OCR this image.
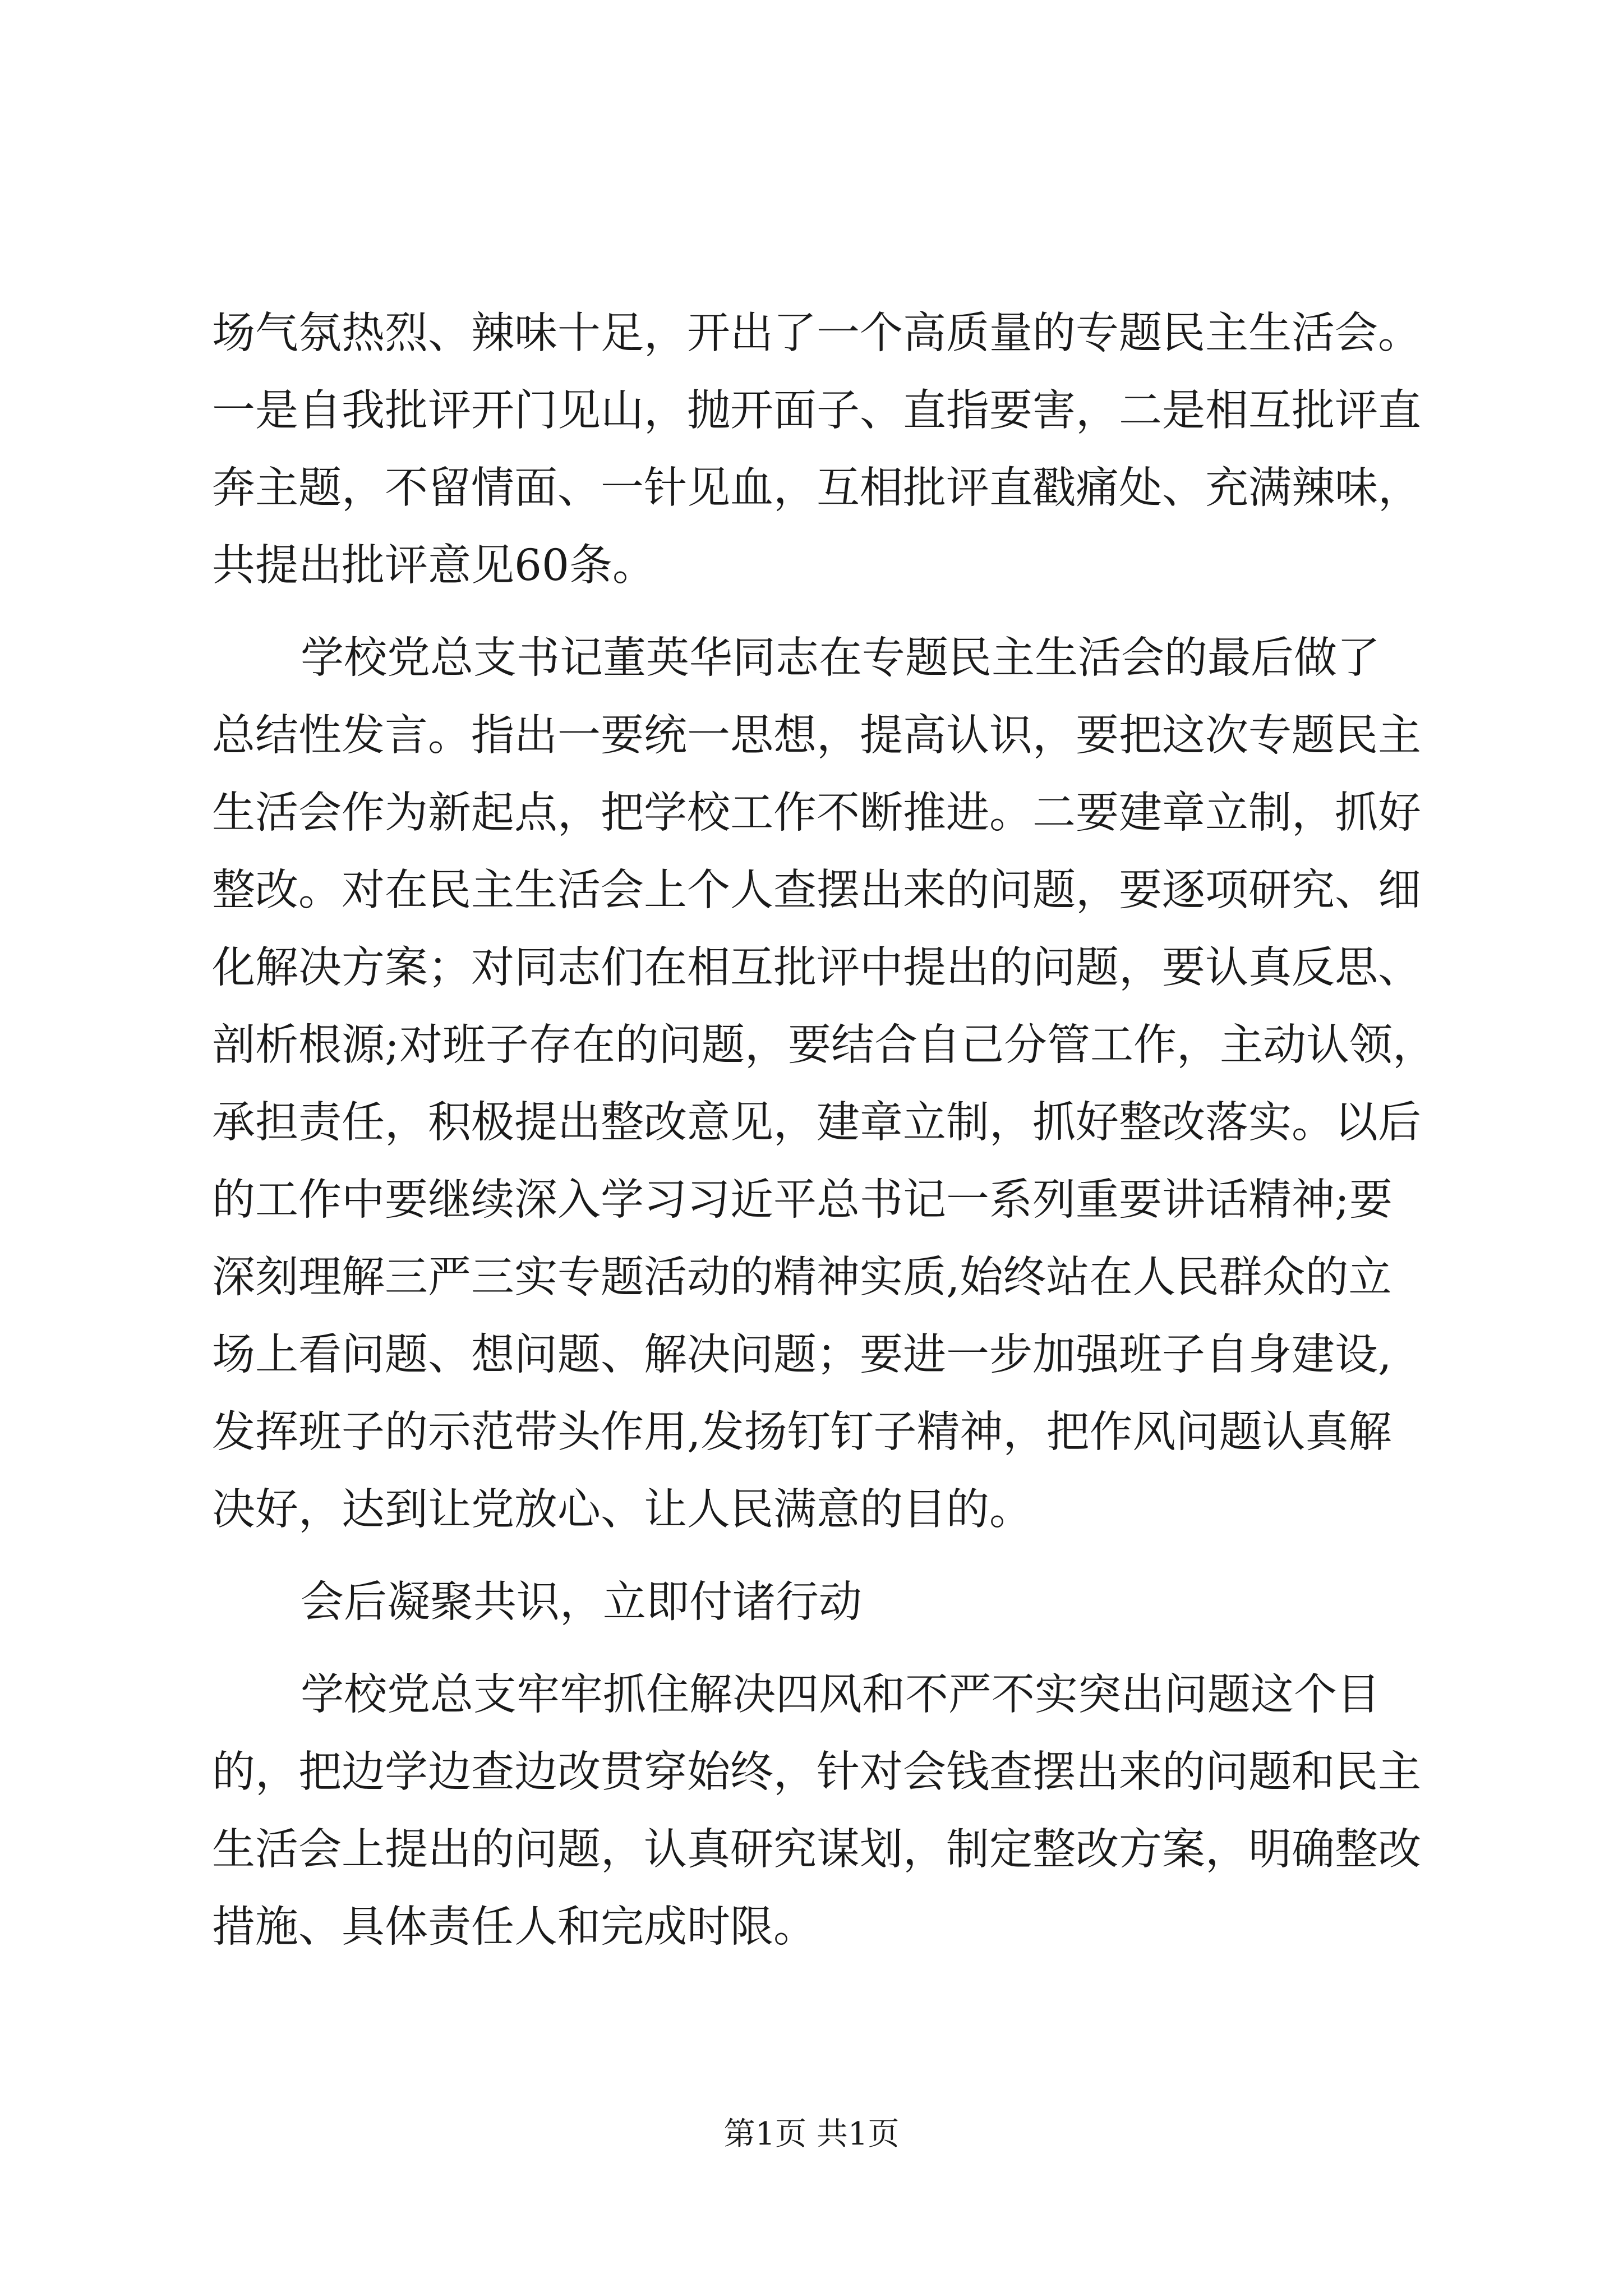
场气氛热烈、辣味十足，开出了一个高质量的专题民主生活会。
一是自我批评开门见山，抛开面子、直指要害，二是相互批评直
奔主题，不留情面、一针见血，互相批评直戳痛处、充满辣味，
共提出批评意见60条。
学校党总支书记董英华同志在专题民主生活会的最后做了
总结性发言。指出一要统一思想，提高认识，要把这次专题民主
生活会作为新起点，把学校工作不断推进。二要建章立制，抓好
整改。对在民主生活会上个人查摆出来的问题，要逐项研究、细
化解决方案；对同志们在相互批评中提出的问题，要认真反思、
剖析根源;对班子存在的问题，要结合自己分管工作，主动认领，
承担责任，积极提出整改意见，建章立制，抓好整改落实。以后
的工作中要继续深入学习习近平总书记一系列重要讲话精神;要
深刻理解三严三实专题活动的精神实质,始终站在人民群众的立
场上看问题、想问题、解决问题；要进一步加强班子自身建设,
发挥班子的示范带头作用,发扬钉钉子精神，把作风问题认真解
决好，达到让党放心、让人民满意的目的。
会后凝聚共识，立即付诸行动
学校党总支牢牢抓住解决四风和不严不实突出问题这个目
的，把边学边查边改贯穿始终，针对会钱查摆出来的问题和民主
生活会上提出的问题，认真研究谋划，制定整改方案，明确整改
措施、具体责任人和完成时限。
第1页 共1页
